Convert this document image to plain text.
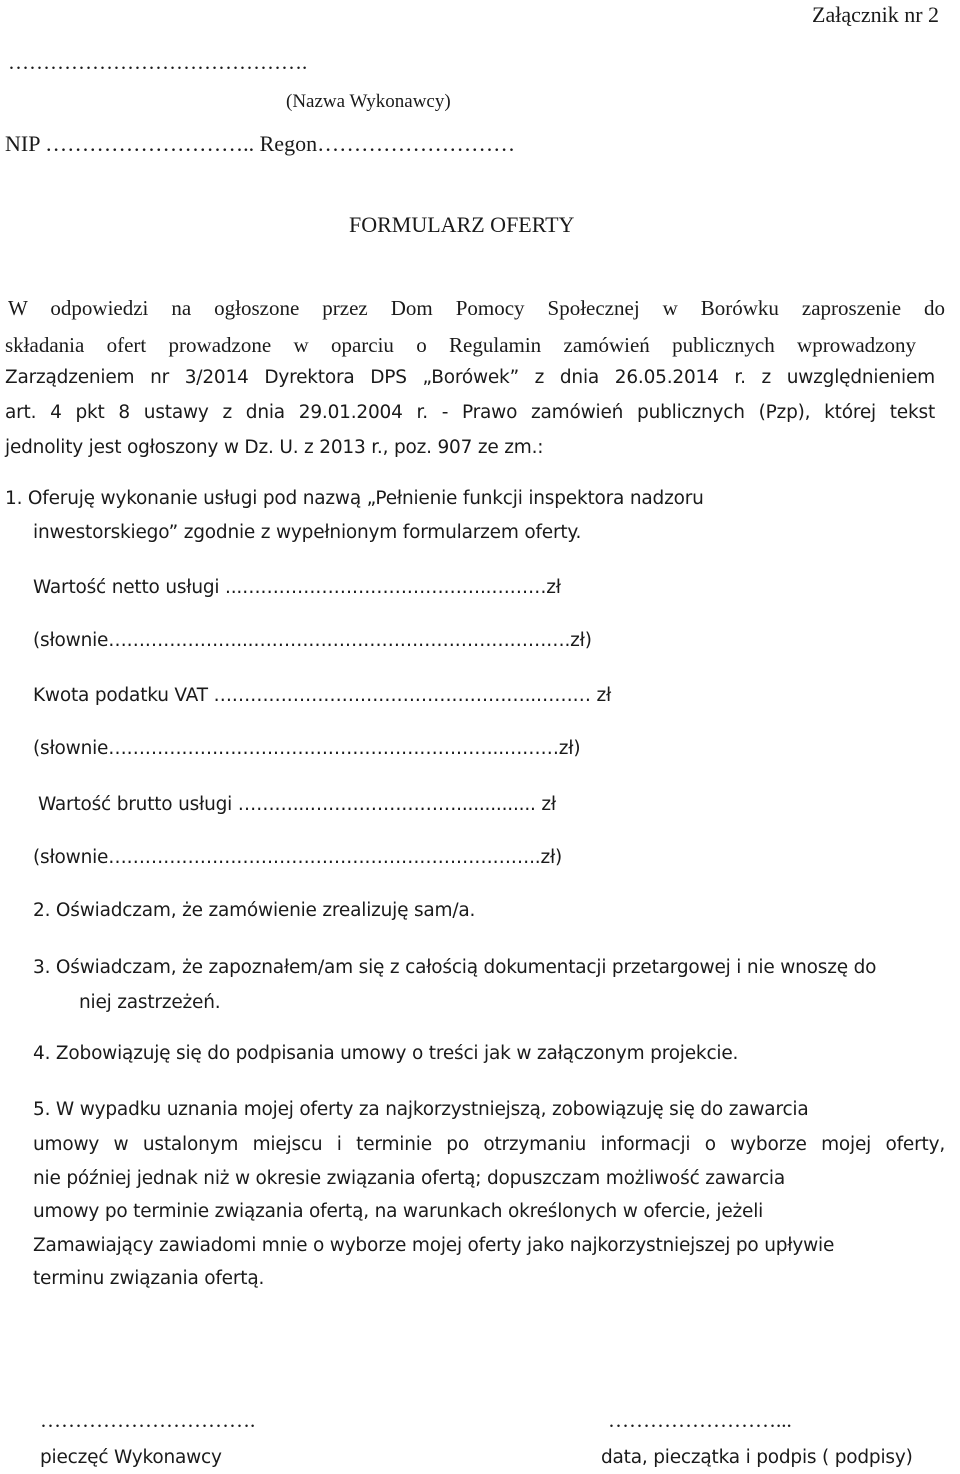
Załącznik nr 2
…………………………………….
(Nazwa Wykonawcy)
NIP ……………………….. Regon………………………
FORMULARZ OFERTY
W odpowiedzi na ogłoszone przez Dom Pomocy Społecznej w Borówku zaproszenie do
składania ofert prowadzone w oparciu o Regulamin zamówień publicznych wprowadzony
Zarządzeniem nr 3/2014 Dyrektora DPS „Borówek” z dnia 26.05.2014 r. z uwzględnieniem
art. 4 pkt 8 ustawy z dnia 29.01.2004 r. - Prawo zamówień publicznych (Pzp), której tekst
jednolity jest ogłoszony w Dz. U. z 2013 r., poz. 907 ze zm.:
1. Oferuję wykonanie usługi pod nazwą „Pełnienie funkcji inspektora nadzoru
inwestorskiego” zgodnie z wypełnionym formularzem oferty.
Wartość netto usługi ...…………………………………..………zł
(słownie…………………...…………………………………………….zł)
Kwota podatku VAT ……………………………………………..……… zł
(słownie………………………………………………………..………zł)
Wartość brutto usługi ………...…………………….............. zł
(słownie……………………………………………………………..zł)
2. Oświadczam, że zamówienie zrealizuję sam/a.
3. Oświadczam, że zapoznałem/am się z całością dokumentacji przetargowej i nie wnoszę do
niej zastrzeżeń.
4. Zobowiązuję się do podpisania umowy o treści jak w załączonym projekcie.
5. W wypadku uznania mojej oferty za najkorzystniejszą, zobowiązuję się do zawarcia
umowy w ustalonym miejscu i terminie po otrzymaniu informacji o wyborze mojej oferty,
nie później jednak niż w okresie związania ofertą; dopuszczam możliwość zawarcia
umowy po terminie związania ofertą, na warunkach określonych w ofercie, jeżeli
Zamawiający zawiadomi mnie o wyborze mojej oferty jako najkorzystniejszej po upływie
terminu związania ofertą.
………………………….	……………………...
pieczęć Wykonawcy	data, pieczątka i podpis ( podpisy)
